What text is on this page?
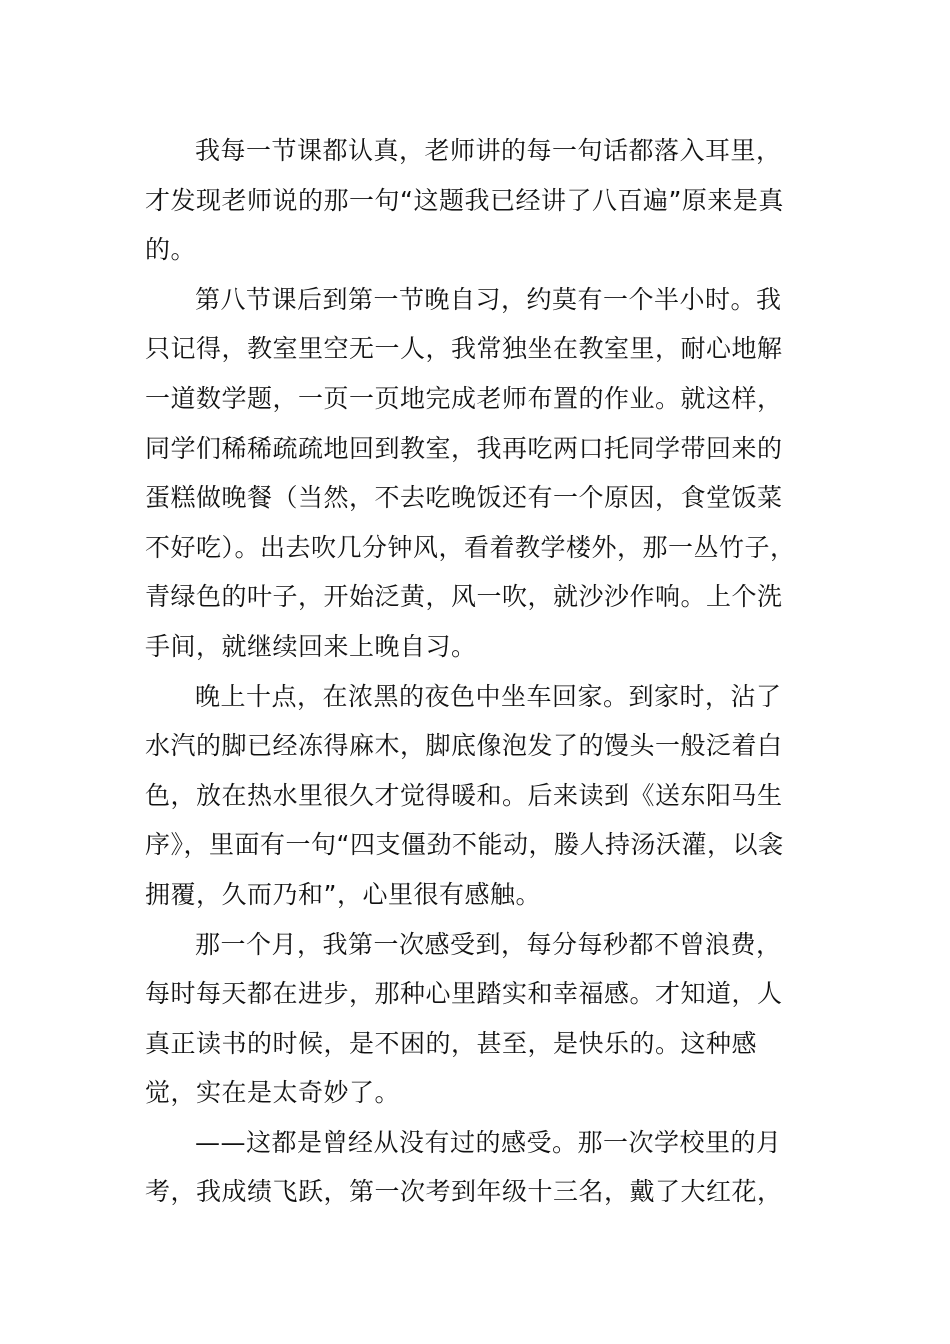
我每一节课都认真，老师讲的每一句话都落入耳里，才发现老师说的那一句“这题我已经讲了八百遍”原来是真的。

第八节课后到第一节晚自习，约莫有一个半小时。我只记得，教室里空无一人，我常独坐在教室里，耐心地解一道数学题，一页一页地完成老师布置的作业。就这样，同学们稀稀疏疏地回到教室，我再吃两口托同学带回来的蛋糕做晚餐（当然，不去吃晚饭还有一个原因，食堂饭菜不好吃）。出去吹几分钟风，看着教学楼外，那一丛竹子，青绿色的叶子，开始泛黄，风一吹，就沙沙作响。上个洗手间，就继续回来上晚自习。

晚上十点，在浓黑的夜色中坐车回家。到家时，沾了水汽的脚已经冻得麻木，脚底像泡发了的馒头一般泛着白色，放在热水里很久才觉得暖和。后来读到《送东阳马生序》，里面有一句“四支僵劲不能动，媵人持汤沃灌，以衾拥覆，久而乃和”，心里很有感触。

那一个月，我第一次感受到，每分每秒都不曾浪费，每时每天都在进步，那种心里踏实和幸福感。才知道，人真正读书的时候，是不困的，甚至，是快乐的。这种感觉，实在是太奇妙了。

——这都是曾经从没有过的感受。那一次学校里的月考，我成绩飞跃，第一次考到年级十三名，戴了大红花，
